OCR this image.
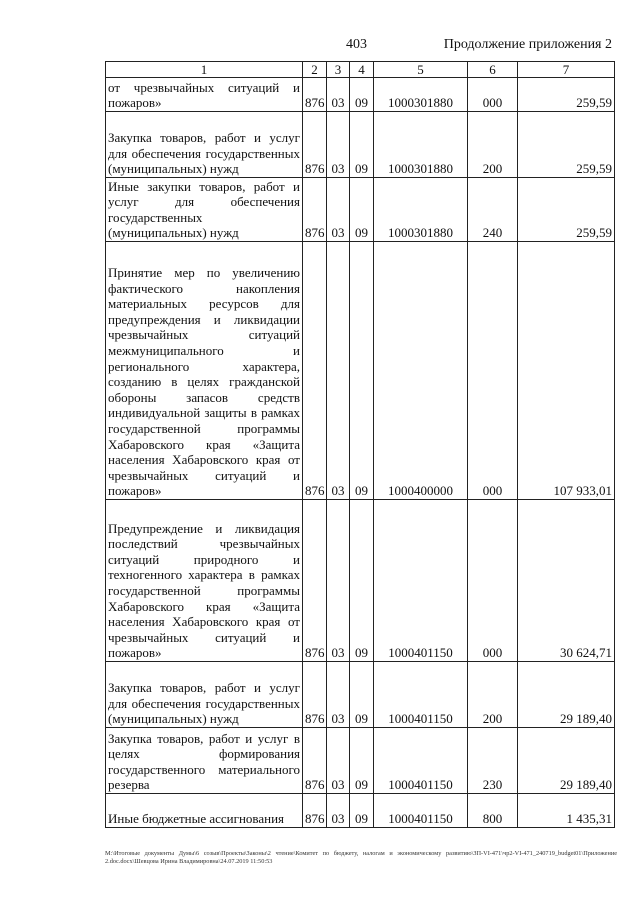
403	Продолжение приложения 2
1	2	3	4	5	6	7
от чрезвычайных ситуаций и пожаров»	876	03	09	1000301880	000	259,59
Закупка товаров, работ и услуг для обеспечения государственных (муниципальных) нужд	876	03	09	1000301880	200	259,59
Иные закупки товаров, работ и услуг для обеспечения государственных (муниципальных) нужд	876	03	09	1000301880	240	259,59
Принятие мер по увеличению фактического накопления материальных ресурсов для предупреждения и ликвидации чрезвычайных ситуаций межмуниципального и регионального характера, созданию в целях гражданской обороны запасов средств индивидуальной защиты в рамках государственной программы Хабаровского края «Защита населения Хабаровского края от чрезвычайных ситуаций и пожаров»	876	03	09	1000400000	000	107 933,01
Предупреждение и ликвидация последствий чрезвычайных ситуаций природного и техногенного характера в рамках государственной программы Хабаровского края «Защита населения Хабаровского края от чрезвычайных ситуаций и пожаров»	876	03	09	1000401150	000	30 624,71
Закупка товаров, работ и услуг для обеспечения государственных (муниципальных) нужд	876	03	09	1000401150	200	29 189,40
Закупка товаров, работ и услуг в целях формирования государственного материального резерва	876	03	09	1000401150	230	29 189,40
Иные бюджетные ассигнования	876	03	09	1000401150	800	1 435,31
M:\Итоговые документы Думы\6 созыв\Проекты\Законы\2 чтение\Комитет по бюджету, налогам и экономическому развитию\ЗП-VI-471\чр2-VI-471_240719_budget01\Приложение 2.doc.docx\Шевцова Ирина Владимировна\24.07.2019 11:50:53
